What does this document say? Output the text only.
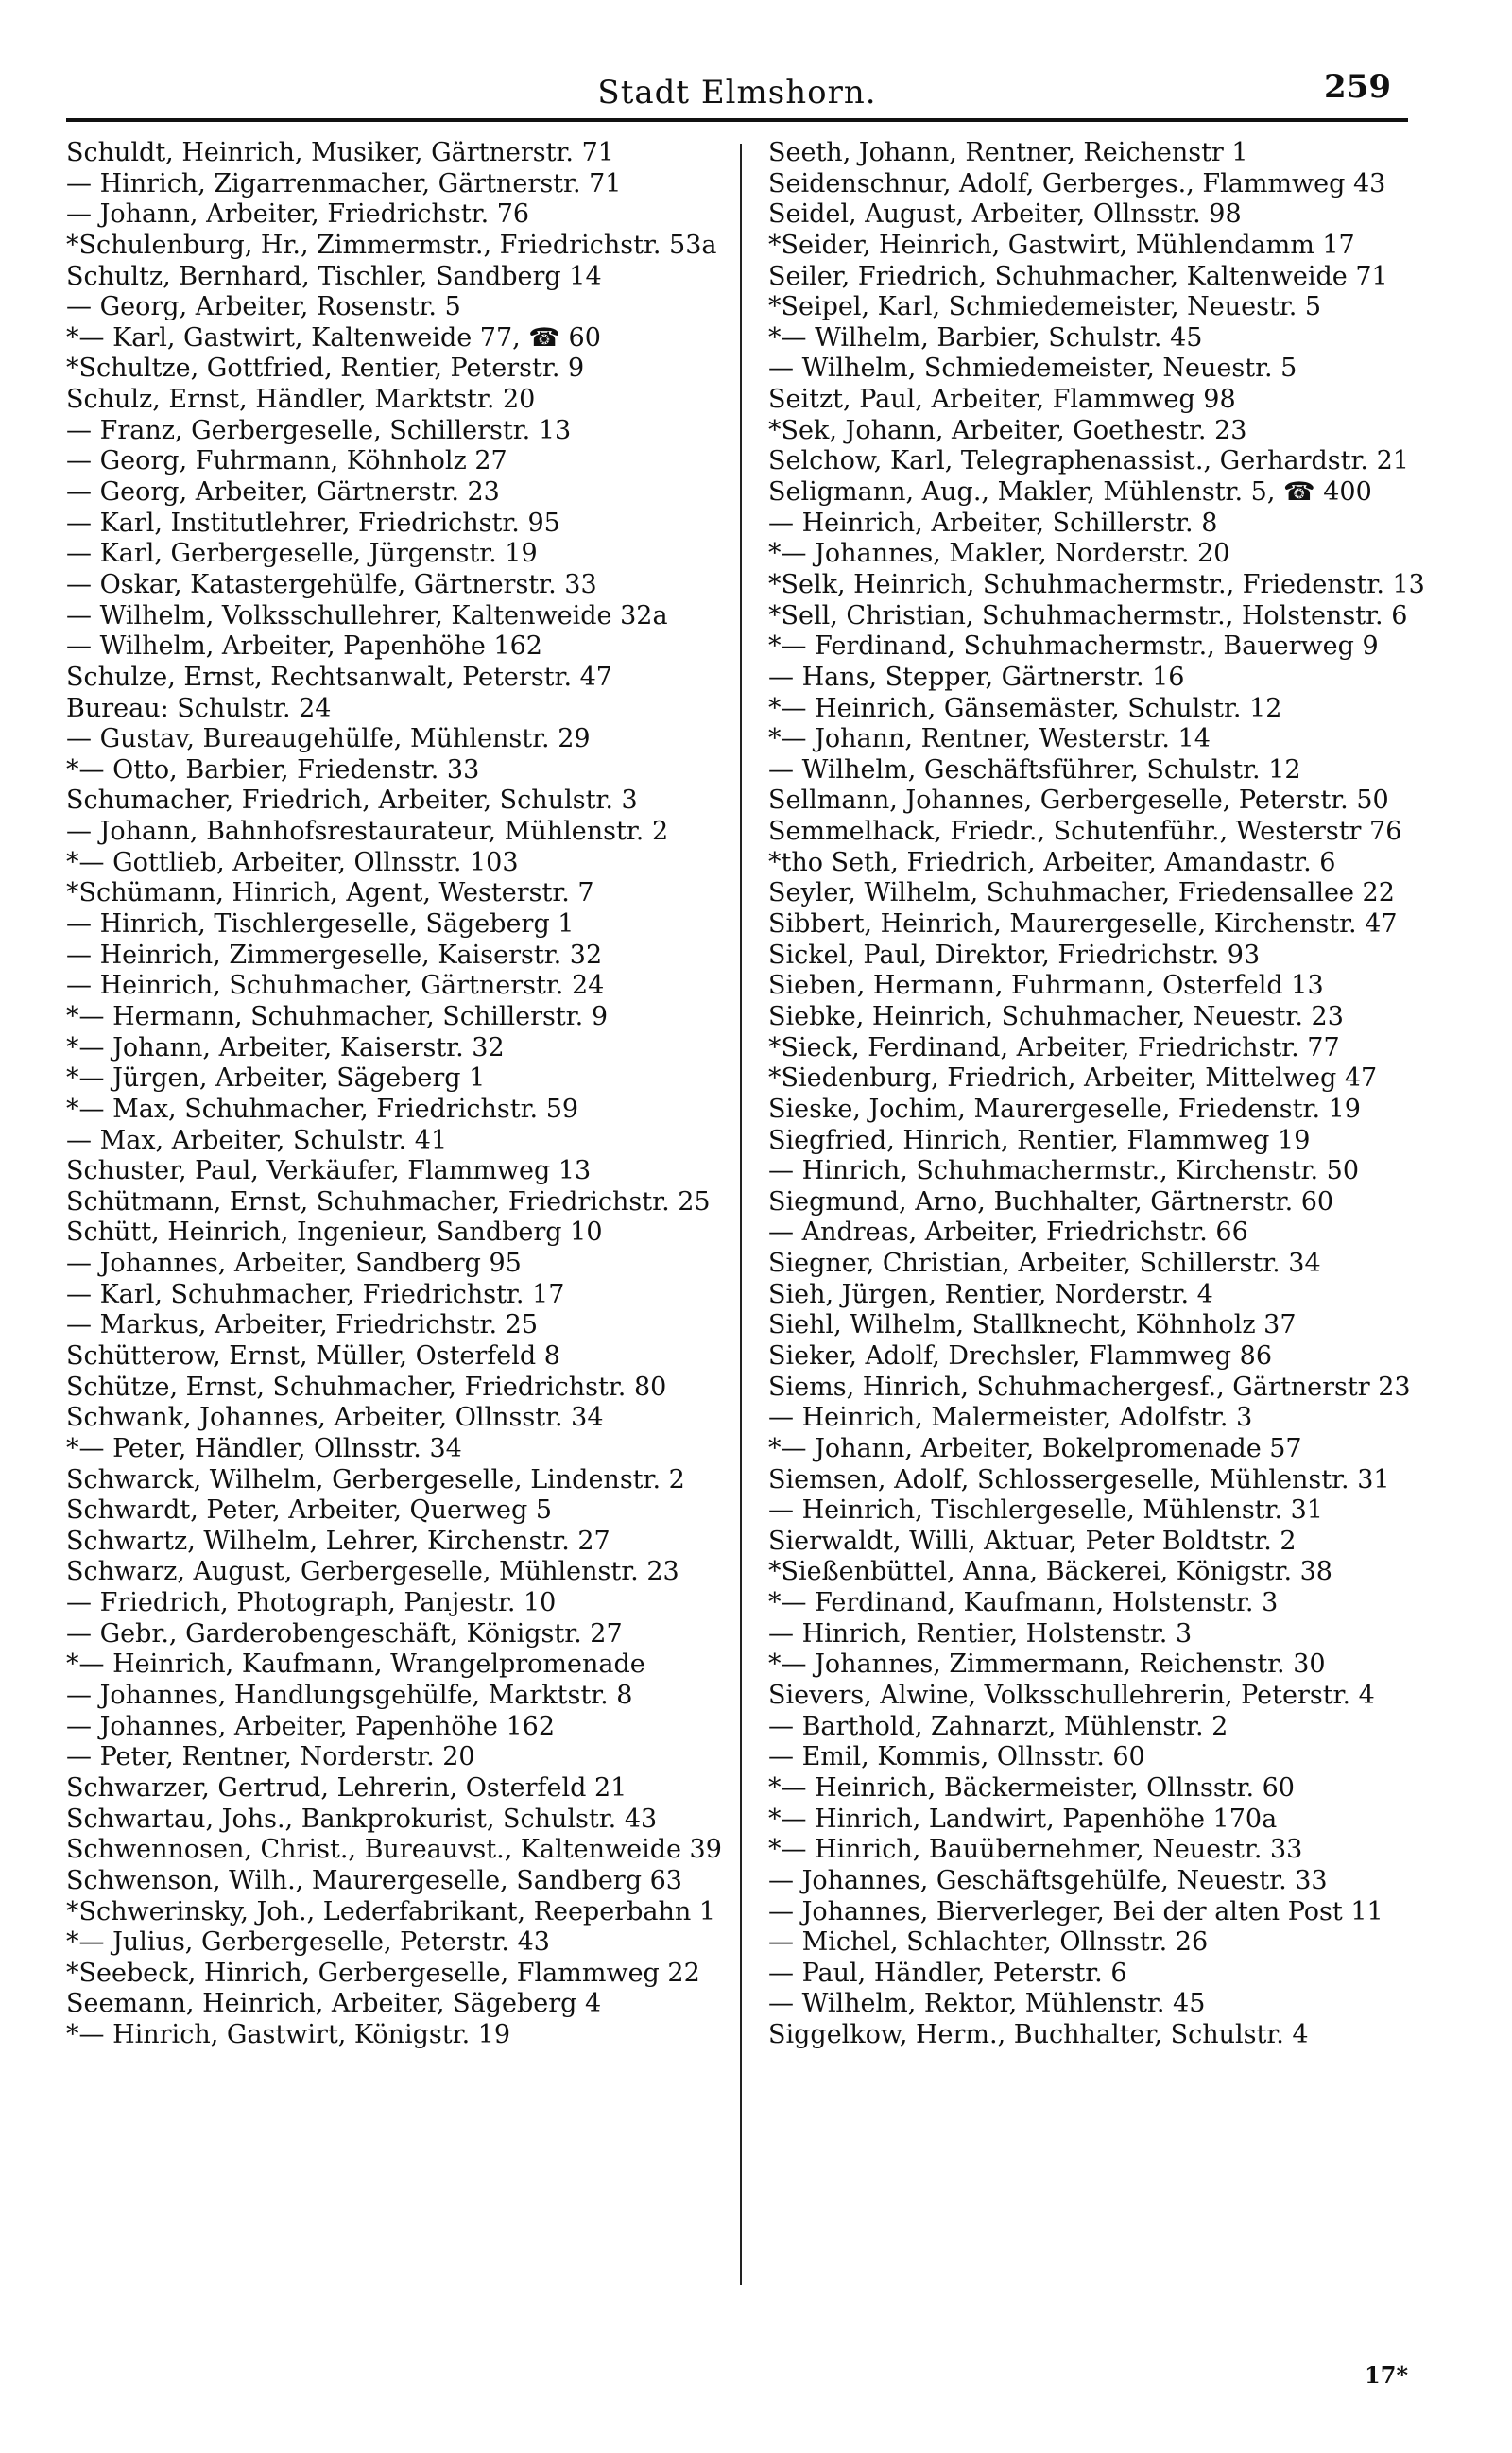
Stadt Elmshorn.	259
Schuldt, Heinrich, Musiker, Gärtnerstr. 71
— Hinrich, Zigarrenmacher, Gärtnerstr. 71
— Johann, Arbeiter, Friedrichstr. 76
*Schulenburg, Hr., Zimmermstr., Friedrichstr. 53a
Schultz, Bernhard, Tischler, Sandberg 14
— Georg, Arbeiter, Rosenstr. 5
*— Karl, Gastwirt, Kaltenweide 77, ☎ 60
*Schultze, Gottfried, Rentier, Peterstr. 9
Schulz, Ernst, Händler, Marktstr. 20
— Franz, Gerbergeselle, Schillerstr. 13
— Georg, Fuhrmann, Köhnholz 27
— Georg, Arbeiter, Gärtnerstr. 23
— Karl, Institutlehrer, Friedrichstr. 95
— Karl, Gerbergeselle, Jürgenstr. 19
— Oskar, Katastergehülfe, Gärtnerstr. 33
— Wilhelm, Volksschullehrer, Kaltenweide 32a
— Wilhelm, Arbeiter, Papenhöhe 162
Schulze, Ernst, Rechtsanwalt, Peterstr. 47
Bureau: Schulstr. 24
— Gustav, Bureaugehülfe, Mühlenstr. 29
*— Otto, Barbier, Friedenstr. 33
Schumacher, Friedrich, Arbeiter, Schulstr. 3
— Johann, Bahnhofsrestaurateur, Mühlenstr. 2
*— Gottlieb, Arbeiter, Ollnsstr. 103
*Schümann, Hinrich, Agent, Westerstr. 7
— Hinrich, Tischlergeselle, Sägeberg 1
— Heinrich, Zimmergeselle, Kaiserstr. 32
— Heinrich, Schuhmacher, Gärtnerstr. 24
*— Hermann, Schuhmacher, Schillerstr. 9
*— Johann, Arbeiter, Kaiserstr. 32
*— Jürgen, Arbeiter, Sägeberg 1
*— Max, Schuhmacher, Friedrichstr. 59
— Max, Arbeiter, Schulstr. 41
Schuster, Paul, Verkäufer, Flammweg 13
Schütmann, Ernst, Schuhmacher, Friedrichstr. 25
Schütt, Heinrich, Ingenieur, Sandberg 10
— Johannes, Arbeiter, Sandberg 95
— Karl, Schuhmacher, Friedrichstr. 17
— Markus, Arbeiter, Friedrichstr. 25
Schütterow, Ernst, Müller, Osterfeld 8
Schütze, Ernst, Schuhmacher, Friedrichstr. 80
Schwank, Johannes, Arbeiter, Ollnsstr. 34
*— Peter, Händler, Ollnsstr. 34
Schwarck, Wilhelm, Gerbergeselle, Lindenstr. 2
Schwardt, Peter, Arbeiter, Querweg 5
Schwartz, Wilhelm, Lehrer, Kirchenstr. 27
Schwarz, August, Gerbergeselle, Mühlenstr. 23
— Friedrich, Photograph, Panjestr. 10
— Gebr., Garderobengeschäft, Königstr. 27
*— Heinrich, Kaufmann, Wrangelpromenade
— Johannes, Handlungsgehülfe, Marktstr. 8
— Johannes, Arbeiter, Papenhöhe 162
— Peter, Rentner, Norderstr. 20
Schwarzer, Gertrud, Lehrerin, Osterfeld 21
Schwartau, Johs., Bankprokurist, Schulstr. 43
Schwennosen, Christ., Bureauvst., Kaltenweide 39
Schwenson, Wilh., Maurergeselle, Sandberg 63
*Schwerinsky, Joh., Lederfabrikant, Reeperbahn 1
*— Julius, Gerbergeselle, Peterstr. 43
*Seebeck, Hinrich, Gerbergeselle, Flammweg 22
Seemann, Heinrich, Arbeiter, Sägeberg 4
*— Hinrich, Gastwirt, Königstr. 19
Seeth, Johann, Rentner, Reichenstr 1
Seidenschnur, Adolf, Gerberges., Flammweg 43
Seidel, August, Arbeiter, Ollnsstr. 98
*Seider, Heinrich, Gastwirt, Mühlendamm 17
Seiler, Friedrich, Schuhmacher, Kaltenweide 71
*Seipel, Karl, Schmiedemeister, Neuestr. 5
*— Wilhelm, Barbier, Schulstr. 45
— Wilhelm, Schmiedemeister, Neuestr. 5
Seitzt, Paul, Arbeiter, Flammweg 98
*Sek, Johann, Arbeiter, Goethestr. 23
Selchow, Karl, Telegraphenassist., Gerhardstr. 21
Seligmann, Aug., Makler, Mühlenstr. 5, ☎ 400
— Heinrich, Arbeiter, Schillerstr. 8
*— Johannes, Makler, Norderstr. 20
*Selk, Heinrich, Schuhmachermstr., Friedenstr. 13
*Sell, Christian, Schuhmachermstr., Holstenstr. 6
*— Ferdinand, Schuhmachermstr., Bauerweg 9
— Hans, Stepper, Gärtnerstr. 16
*— Heinrich, Gänsemäster, Schulstr. 12
*— Johann, Rentner, Westerstr. 14
— Wilhelm, Geschäftsführer, Schulstr. 12
Sellmann, Johannes, Gerbergeselle, Peterstr. 50
Semmelhack, Friedr., Schutenführ., Westerstr 76
*tho Seth, Friedrich, Arbeiter, Amandastr. 6
Seyler, Wilhelm, Schuhmacher, Friedensallee 22
Sibbert, Heinrich, Maurergeselle, Kirchenstr. 47
Sickel, Paul, Direktor, Friedrichstr. 93
Sieben, Hermann, Fuhrmann, Osterfeld 13
Siebke, Heinrich, Schuhmacher, Neuestr. 23
*Sieck, Ferdinand, Arbeiter, Friedrichstr. 77
*Siedenburg, Friedrich, Arbeiter, Mittelweg 47
Sieske, Jochim, Maurergeselle, Friedenstr. 19
Siegfried, Hinrich, Rentier, Flammweg 19
— Hinrich, Schuhmachermstr., Kirchenstr. 50
Siegmund, Arno, Buchhalter, Gärtnerstr. 60
— Andreas, Arbeiter, Friedrichstr. 66
Siegner, Christian, Arbeiter, Schillerstr. 34
Sieh, Jürgen, Rentier, Norderstr. 4
Siehl, Wilhelm, Stallknecht, Köhnholz 37
Sieker, Adolf, Drechsler, Flammweg 86
Siems, Hinrich, Schuhmachergesf., Gärtnerstr 23
— Heinrich, Malermeister, Adolfstr. 3
*— Johann, Arbeiter, Bokelpromenade 57
Siemsen, Adolf, Schlossergeselle, Mühlenstr. 31
— Heinrich, Tischlergeselle, Mühlenstr. 31
Sierwaldt, Willi, Aktuar, Peter Boldtstr. 2
*Sießenbüttel, Anna, Bäckerei, Königstr. 38
*— Ferdinand, Kaufmann, Holstenstr. 3
— Hinrich, Rentier, Holstenstr. 3
*— Johannes, Zimmermann, Reichenstr. 30
Sievers, Alwine, Volksschullehrerin, Peterstr. 4
— Barthold, Zahnarzt, Mühlenstr. 2
— Emil, Kommis, Ollnsstr. 60
*— Heinrich, Bäckermeister, Ollnsstr. 60
*— Hinrich, Landwirt, Papenhöhe 170a
*— Hinrich, Bauübernehmer, Neuestr. 33
— Johannes, Geschäftsgehülfe, Neuestr. 33
— Johannes, Bierverleger, Bei der alten Post 11
— Michel, Schlachter, Ollnsstr. 26
— Paul, Händler, Peterstr. 6
— Wilhelm, Rektor, Mühlenstr. 45
Siggelkow, Herm., Buchhalter, Schulstr. 4
17*
